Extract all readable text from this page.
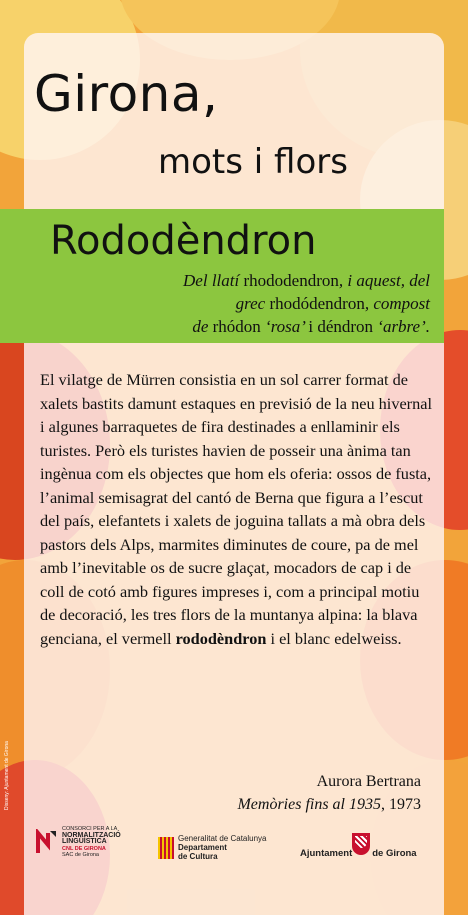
Girona,
mots i flors
Rododèndron
Del llatí rhododendron, i aquest, del
grec rhodódendron, compost
de rhódon ‘rosa’ i déndron ‘arbre’.
El vilatge de Mürren consistia en un sol carrer format de xalets bastits damunt estaques en previsió de la neu hivernal i algunes barraquetes de fira destinades a enllaminir els turistes. Però els turistes havien de posseir una ànima tan ingènua com els objectes que hom els oferia: ossos de fusta, l’animal semisagrat del cantó de Berna que figura a l’escut del país, elefantets i xalets de joguina tallats a mà obra dels pastors dels Alps, marmites diminutes de coure, pa de mel amb l’inevitable os de sucre glaçat, mocadors de cap i de coll de cotó amb figures impreses i, com a principal motiu de decoració, les tres flors de la muntanya alpina: la blava genciana, el vermell rododèndron i el blanc edelweiss.
Aurora Bertrana
Memòries fins al 1935, 1973
CONSORCI PER A LA
NORMALITZACIÓ
LINGÜÍSTICA
CNL DE GIRONA
SAC de Girona
Generalitat de Catalunya
Departament
de Cultura	Ajuntament de Girona
